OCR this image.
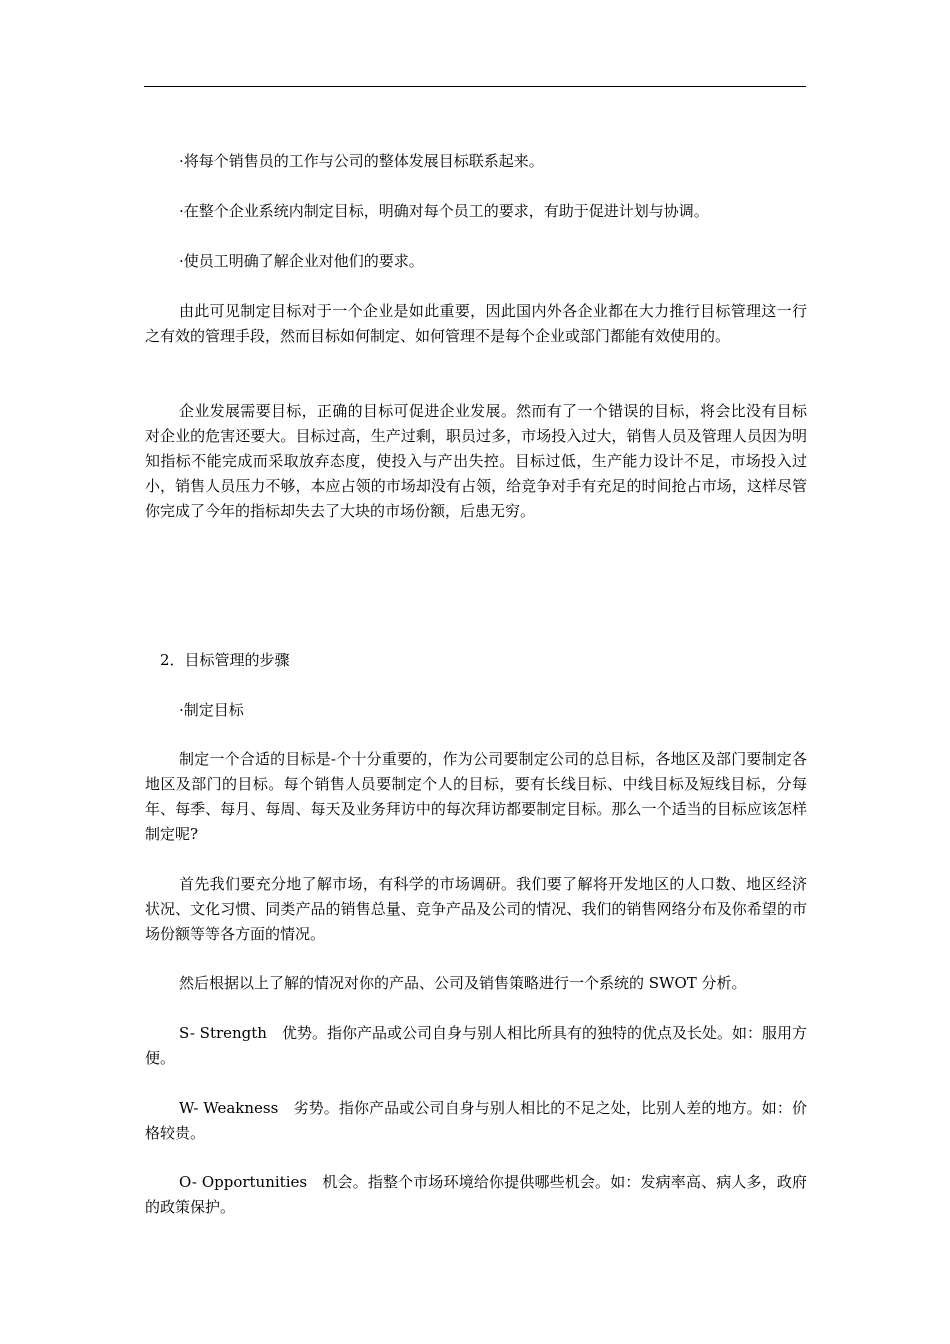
·将每个销售员的工作与公司的整体发展目标联系起来。

·在整个企业系统内制定目标，明确对每个员工的要求，有助于促进计划与协调。

·使员工明确了解企业对他们的要求。

由此可见制定目标对于一个企业是如此重要，因此国内外各企业都在大力推行目标管理这一行之有效的管理手段，然而目标如何制定、如何管理不是每个企业或部门都能有效使用的。

企业发展需要目标，正确的目标可促进企业发展。然而有了一个错误的目标，将会比没有目标对企业的危害还要大。目标过高，生产过剩，职员过多，市场投入过大，销售人员及管理人员因为明知指标不能完成而采取放弃态度，使投入与产出失控。目标过低，生产能力设计不足，市场投入过小，销售人员压力不够，本应占领的市场却没有占领，给竞争对手有充足的时间抢占市场，这样尽管你完成了今年的指标却失去了大块的市场份额，后患无穷。

2．目标管理的步骤

·制定目标

制定一个合适的目标是-个十分重要的，作为公司要制定公司的总目标，各地区及部门要制定各地区及部门的目标。每个销售人员要制定个人的目标，要有长线目标、中线目标及短线目标，分每年、每季、每月、每周、每天及业务拜访中的每次拜访都要制定目标。那么一个适当的目标应该怎样制定呢?

首先我们要充分地了解市场，有科学的市场调研。我们要了解将开发地区的人口数、地区经济状况、文化习惯、同类产品的销售总量、竞争产品及公司的情况、我们的销售网络分布及你希望的市场份额等等各方面的情况。

然后根据以上了解的情况对你的产品、公司及销售策略进行一个系统的 SWOT 分析。

S- Strength　优势。指你产品或公司自身与别人相比所具有的独特的优点及长处。如：服用方便。

W- Weakness　劣势。指你产品或公司自身与别人相比的不足之处，比别人差的地方。如：价格较贵。

O- Opportunities　机会。指整个市场环境给你提供哪些机会。如：发病率高、病人多，政府的政策保护。
